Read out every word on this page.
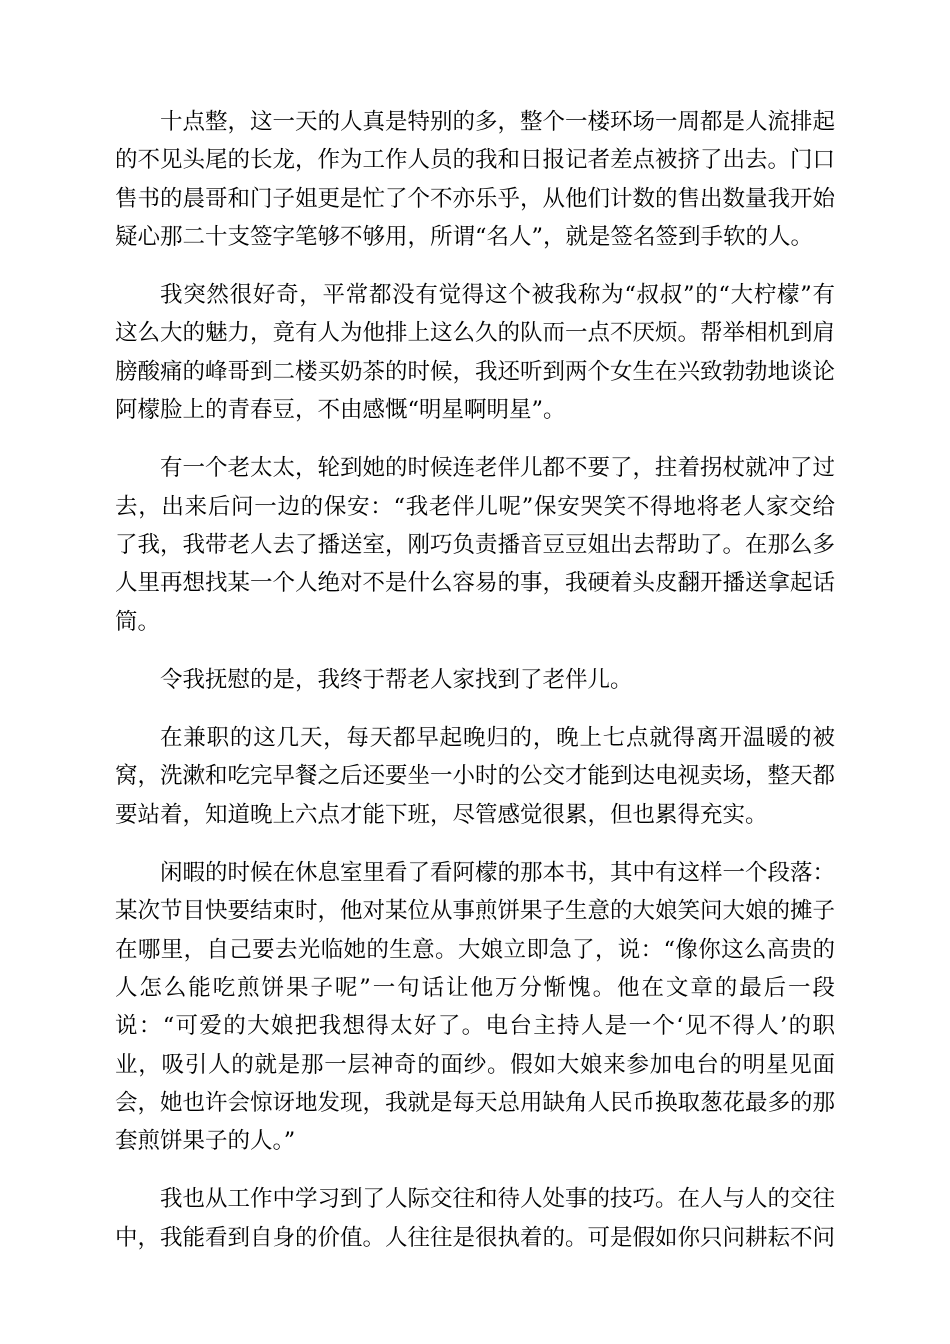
十点整，这一天的人真是特别的多，整个一楼环场一周都是人流排起的不见头尾的长龙，作为工作人员的我和日报记者差点被挤了出去。门口售书的晨哥和门子姐更是忙了个不亦乐乎，从他们计数的售出数量我开始疑心那二十支签字笔够不够用，所谓“名人”，就是签名签到手软的人。

我突然很好奇，平常都没有觉得这个被我称为“叔叔”的“大柠檬”有这么大的魅力，竟有人为他排上这么久的队而一点不厌烦。帮举相机到肩膀酸痛的峰哥到二楼买奶茶的时候，我还听到两个女生在兴致勃勃地谈论阿檬脸上的青春豆，不由感慨“明星啊明星”。

有一个老太太，轮到她的时候连老伴儿都不要了，拄着拐杖就冲了过去，出来后问一边的保安：“我老伴儿呢”保安哭笑不得地将老人家交给了我，我带老人去了播送室，刚巧负责播音豆豆姐出去帮助了。在那么多人里再想找某一个人绝对不是什么容易的事，我硬着头皮翻开播送拿起话筒。

令我抚慰的是，我终于帮老人家找到了老伴儿。

在兼职的这几天，每天都早起晚归的，晚上七点就得离开温暖的被窝，洗漱和吃完早餐之后还要坐一小时的公交才能到达电视卖场，整天都要站着，知道晚上六点才能下班，尽管感觉很累，但也累得充实。

闲暇的时候在休息室里看了看阿檬的那本书，其中有这样一个段落：某次节目快要结束时，他对某位从事煎饼果子生意的大娘笑问大娘的摊子在哪里，自己要去光临她的生意。大娘立即急了，说：“像你这么高贵的人怎么能吃煎饼果子呢”一句话让他万分惭愧。他在文章的最后一段说：“可爱的大娘把我想得太好了。电台主持人是一个‘见不得人’的职业，吸引人的就是那一层神奇的面纱。假如大娘来参加电台的明星见面会，她也许会惊讶地发现，我就是每天总用缺角人民币换取葱花最多的那套煎饼果子的人。”

我也从工作中学习到了人际交往和待人处事的技巧。在人与人的交往中，我能看到自身的价值。人往往是很执着的。可是假如你只问耕耘不问
